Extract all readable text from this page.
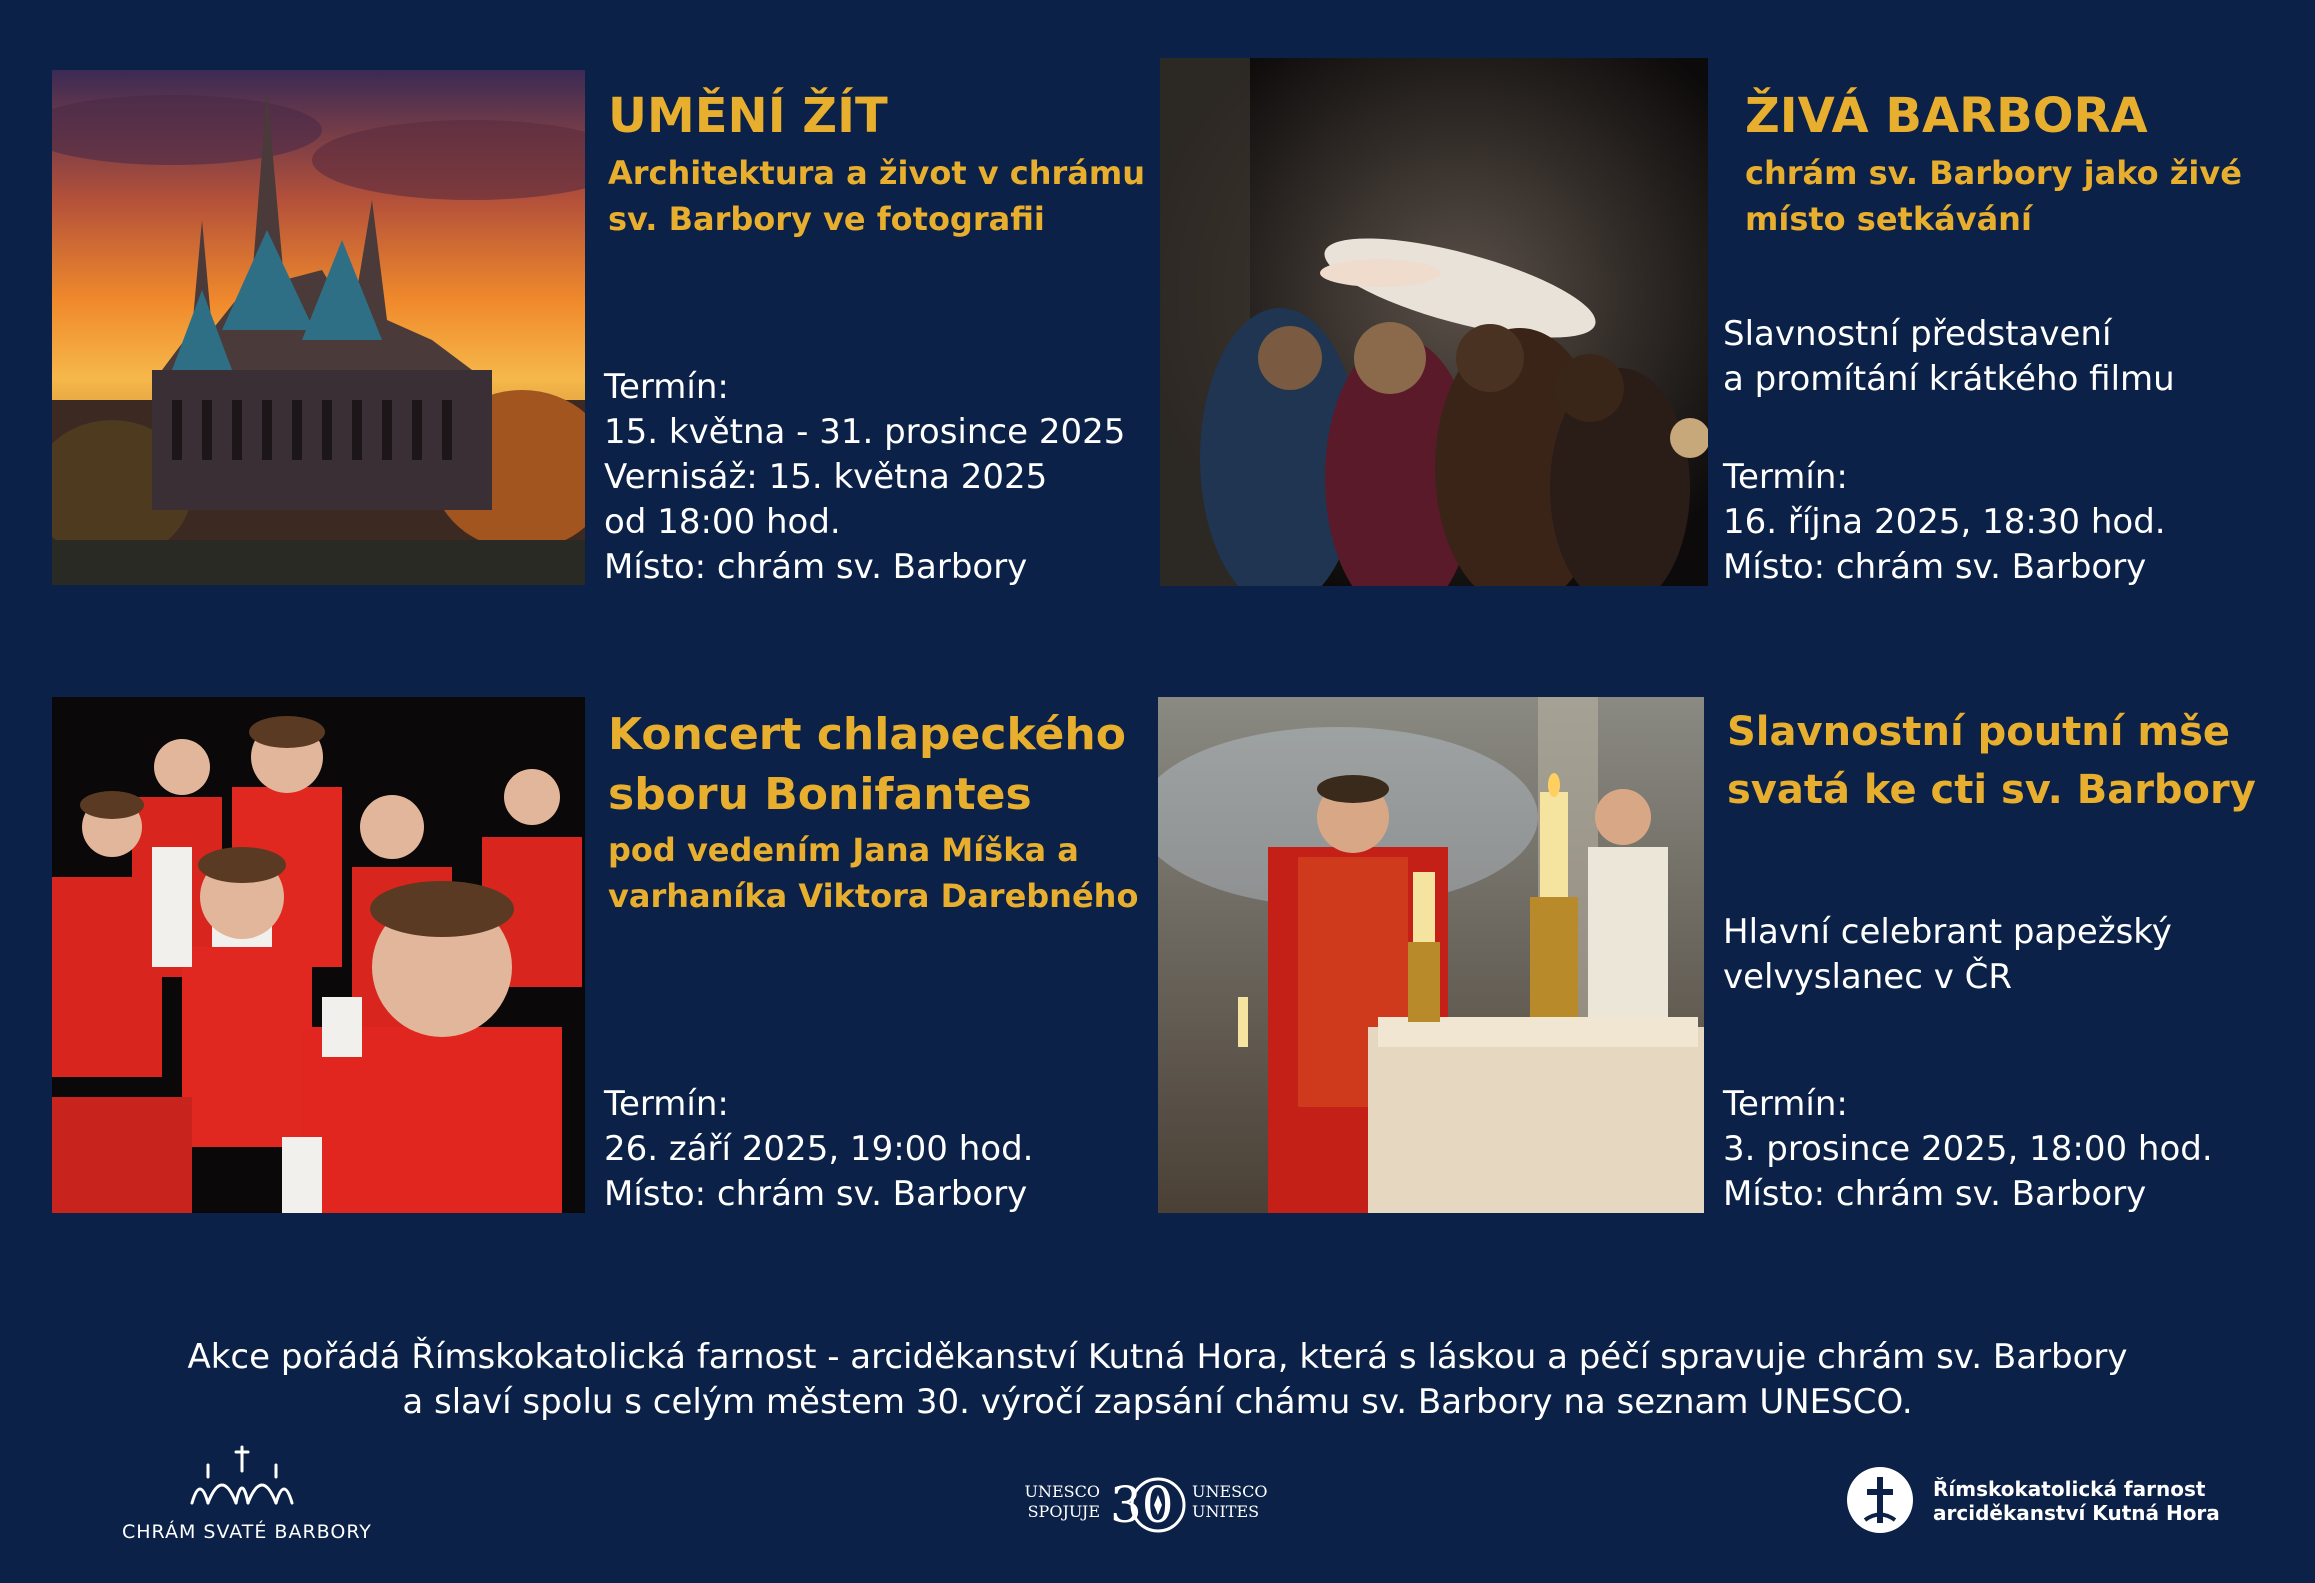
UMĚNÍ ŽÍT

Architektura a život v chrámu
sv. Barbory ve fotografii

Termín:
15. května - 31. prosince 2025
Vernisáž: 15. května 2025
od 18:00 hod.
Místo: chrám sv. Barbory

ŽIVÁ BARBORA

chrám sv. Barbory jako živé
místo setkávání

Slavnostní představení
a promítání krátkého filmu

Termín:
16. října 2025, 18:30 hod.
Místo: chrám sv. Barbory

Koncert chlapeckého
sboru Bonifantes

pod vedením Jana Míška a
varhaníka Viktora Darebného

Termín:
26. září 2025, 19:00 hod.
Místo: chrám sv. Barbory

Slavnostní poutní mše
svatá ke cti sv. Barbory

Hlavní celebrant papežský
velvyslanec v ČR

Termín:
3. prosince 2025, 18:00 hod.
Místo: chrám sv. Barbory

Akce pořádá Římskokatolická farnost - arciděkanství Kutná Hora, která s láskou a péčí spravuje chrám sv. Barbory
a slaví spolu s celým městem 30. výročí zapsání chámu sv. Barbory na seznam UNESCO.
CHRÁM SVATÉ BARBORY
UNESCO
SPOJUJE 30 UNESCO
UNITES
Římskokatolická farnost
arciděkanství Kutná Hora
